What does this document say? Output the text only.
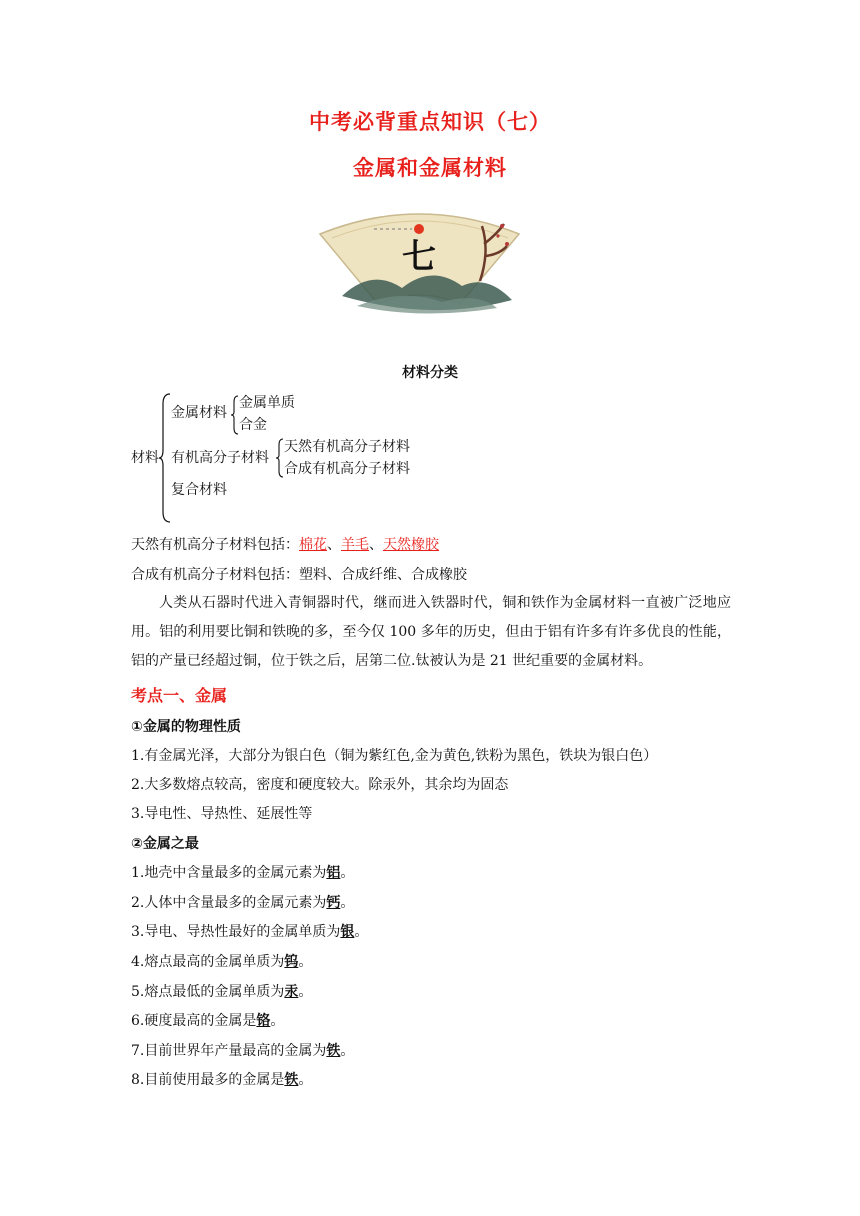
中考必背重点知识（七）
金属和金属材料
七
材料分类
材料
金属材料
金属单质
合金
有机高分子材料
天然有机高分子材料
合成有机高分子材料
复合材料
天然有机高分子材料包括：棉花、羊毛、天然橡胶
合成有机高分子材料包括：塑料、合成纤维、合成橡胶
人类从石器时代进入青铜器时代，继而进入铁器时代，铜和铁作为金属材料一直被广泛地应用。铝的利用要比铜和铁晚的多，至今仅 100 多年的历史，但由于铝有许多有许多优良的性能，铝的产量已经超过铜，位于铁之后，居第二位.钛被认为是 21 世纪重要的金属材料。
考点一、金属
①金属的物理性质
1.有金属光泽，大部分为银白色（铜为紫红色,金为黄色,铁粉为黑色，铁块为银白色）
2.大多数熔点较高，密度和硬度较大。除汞外，其余均为固态
3.导电性、导热性、延展性等
②金属之最
1.地壳中含量最多的金属元素为铝。
2.人体中含量最多的金属元素为钙。
3.导电、导热性最好的金属单质为银。
4.熔点最高的金属单质为钨。
5.熔点最低的金属单质为汞。
6.硬度最高的金属是铬。
7.目前世界年产量最高的金属为铁。
8.目前使用最多的金属是铁。
